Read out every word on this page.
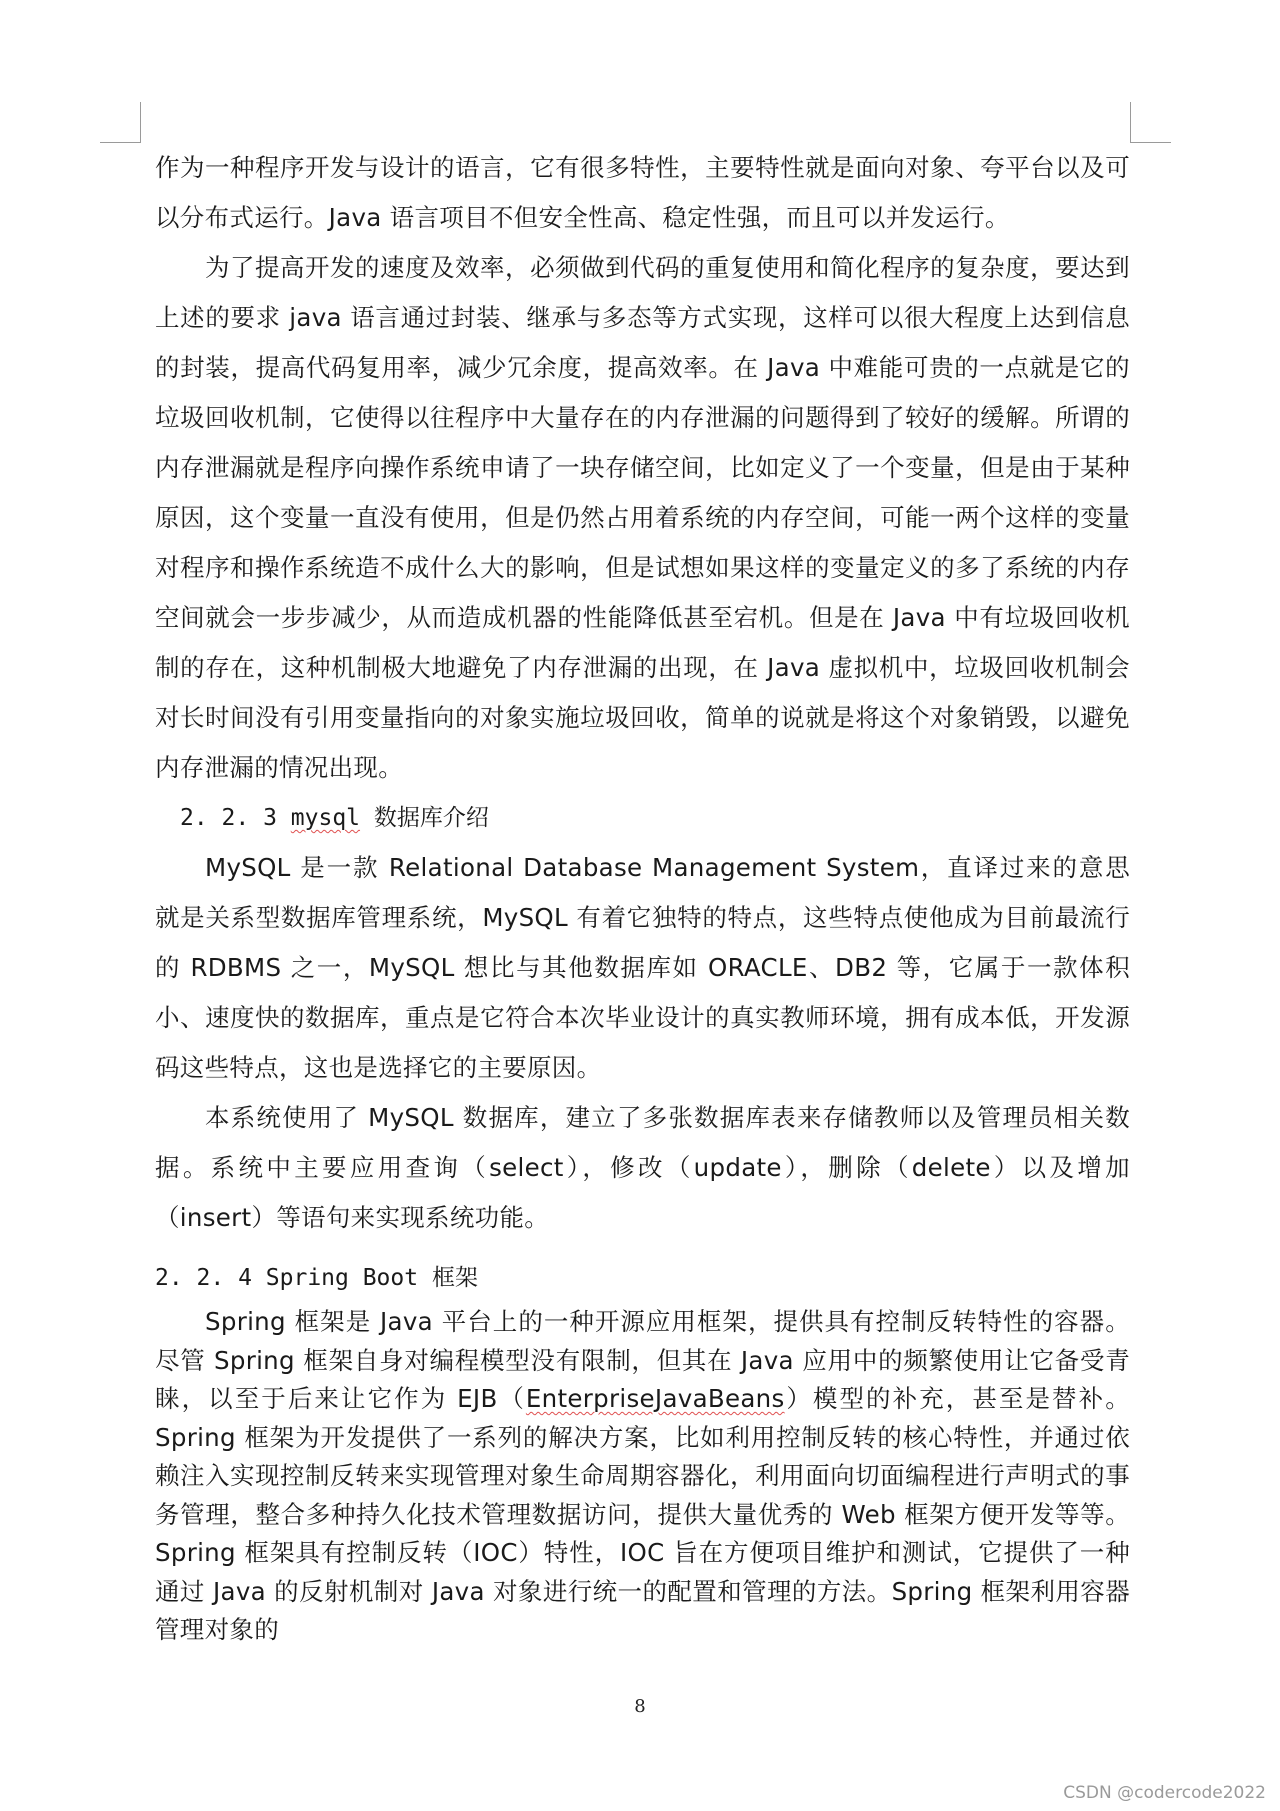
作为一种程序开发与设计的语言，它有很多特性，主要特性就是面向对象、夸平台以及可以分布式运行。Java 语言项目不但安全性高、稳定性强，而且可以并发运行。

为了提高开发的速度及效率，必须做到代码的重复使用和简化程序的复杂度，要达到上述的要求 java 语言通过封装、继承与多态等方式实现，这样可以很大程度上达到信息的封装，提高代码复用率，减少冗余度，提高效率。在 Java 中难能可贵的一点就是它的垃圾回收机制，它使得以往程序中大量存在的内存泄漏的问题得到了较好的缓解。所谓的内存泄漏就是程序向操作系统申请了一块存储空间，比如定义了一个变量，但是由于某种原因，这个变量一直没有使用，但是仍然占用着系统的内存空间，可能一两个这样的变量对程序和操作系统造不成什么大的影响，但是试想如果这样的变量定义的多了系统的内存空间就会一步步减少，从而造成机器的性能降低甚至宕机。但是在 Java 中有垃圾回收机制的存在，这种机制极大地避免了内存泄漏的出现，在 Java 虚拟机中，垃圾回收机制会对长时间没有引用变量指向的对象实施垃圾回收，简单的说就是将这个对象销毁，以避免内存泄漏的情况出现。

2. 2. 3 mysql 数据库介绍

MySQL 是一款 Relational Database Management System，直译过来的意思就是关系型数据库管理系统，MySQL 有着它独特的特点，这些特点使他成为目前最流行的 RDBMS 之一，MySQL 想比与其他数据库如 ORACLE、DB2 等，它属于一款体积小、速度快的数据库，重点是它符合本次毕业设计的真实教师环境，拥有成本低，开发源码这些特点，这也是选择它的主要原因。

本系统使用了 MySQL 数据库，建立了多张数据库表来存储教师以及管理员相关数据。系统中主要应用查询（select），修改（update），删除（delete）以及增加（insert）等语句来实现系统功能。

2. 2. 4 Spring Boot 框架

Spring 框架是 Java 平台上的一种开源应用框架，提供具有控制反转特性的容器。尽管 Spring 框架自身对编程模型没有限制，但其在 Java 应用中的频繁使用让它备受青睐，以至于后来让它作为 EJB（EnterpriseJavaBeans）模型的补充，甚至是替补。Spring 框架为开发提供了一系列的解决方案，比如利用控制反转的核心特性，并通过依赖注入实现控制反转来实现管理对象生命周期容器化，利用面向切面编程进行声明式的事务管理，整合多种持久化技术管理数据访问，提供大量优秀的 Web 框架方便开发等等。Spring 框架具有控制反转（IOC）特性，IOC 旨在方便项目维护和测试，它提供了一种通过 Java 的反射机制对 Java 对象进行统一的配置和管理的方法。Spring 框架利用容器管理对象的

8
CSDN @codercode2022
